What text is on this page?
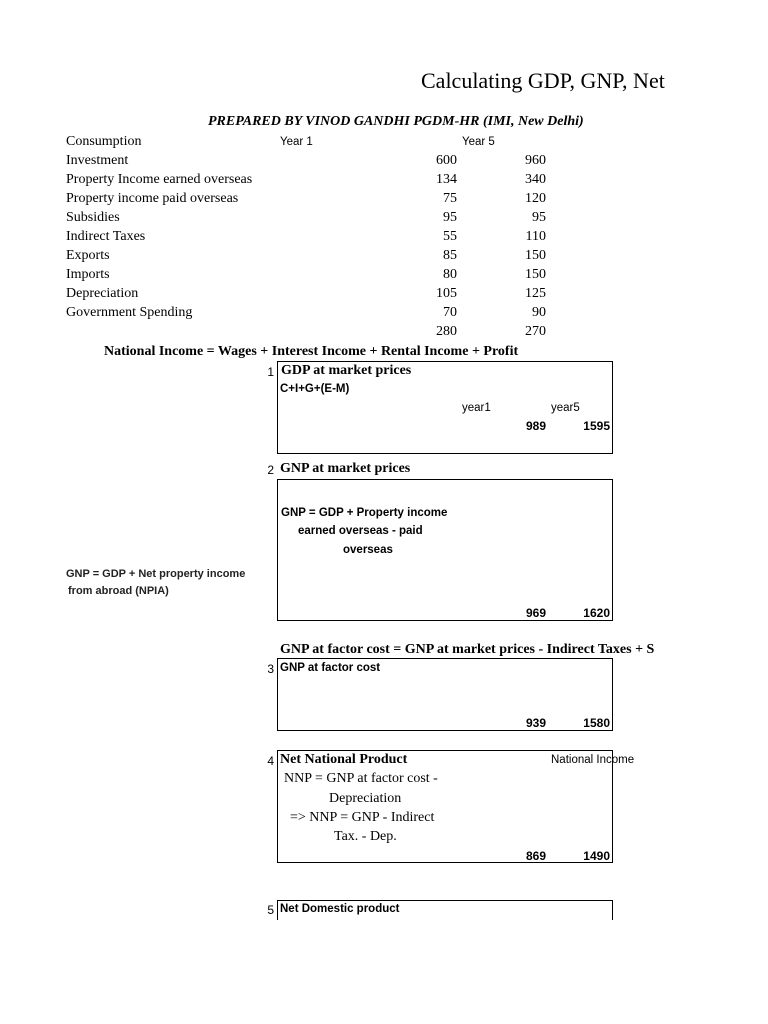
Calculating GDP, GNP, Net
PREPARED BY VINOD GANDHI PGDM-HR (IMI, New Delhi)
Year 1	Year 5
Consumption
Investment	600	960
Property Income earned overseas	134	340
Property income paid overseas	75	120
Subsidies	95	95
Indirect Taxes	55	110
Exports	85	150
Imports	80	150
Depreciation	105	125
Government Spending	70	90
280	270
National Income = Wages + Interest Income + Rental Income + Profit
1 GDP at market prices
C+I+G+(E-M)
year1	year5
989	1595
2 GNP at market prices
GNP = GDP + Property income
earned overseas - paid
overseas
GNP = GDP + Net property income
from abroad (NPIA)
969	1620
GNP at factor cost = GNP at market prices - Indirect Taxes + S
3 GNP at factor cost
939	1580
4 Net National Product	National Income
NNP = GNP at factor cost -
Depreciation
=> NNP = GNP - Indirect
Tax. - Dep.
869	1490
5 Net Domestic product
